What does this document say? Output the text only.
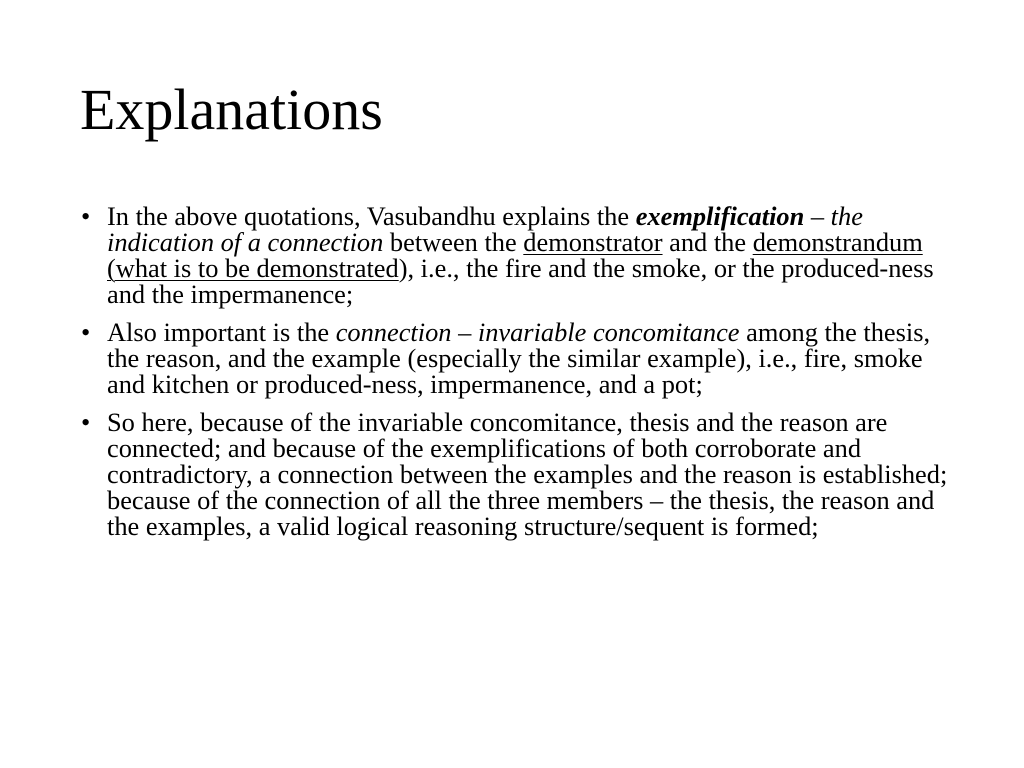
Explanations
• In the above quotations, Vasubandhu explains the exemplification – the indication of a connection between the demonstrator and the demonstrandum (what is to be demonstrated), i.e., the fire and the smoke, or the produced-ness and the impermanence;
• Also important is the connection – invariable concomitance among the thesis, the reason, and the example (especially the similar example), i.e., fire, smoke and kitchen or produced-ness, impermanence, and a pot;
• So here, because of the invariable concomitance, thesis and the reason are connected; and because of the exemplifications of both corroborate and contradictory, a connection between the examples and the reason is established; because of the connection of all the three members – the thesis, the reason and the examples, a valid logical reasoning structure/sequent is formed;
